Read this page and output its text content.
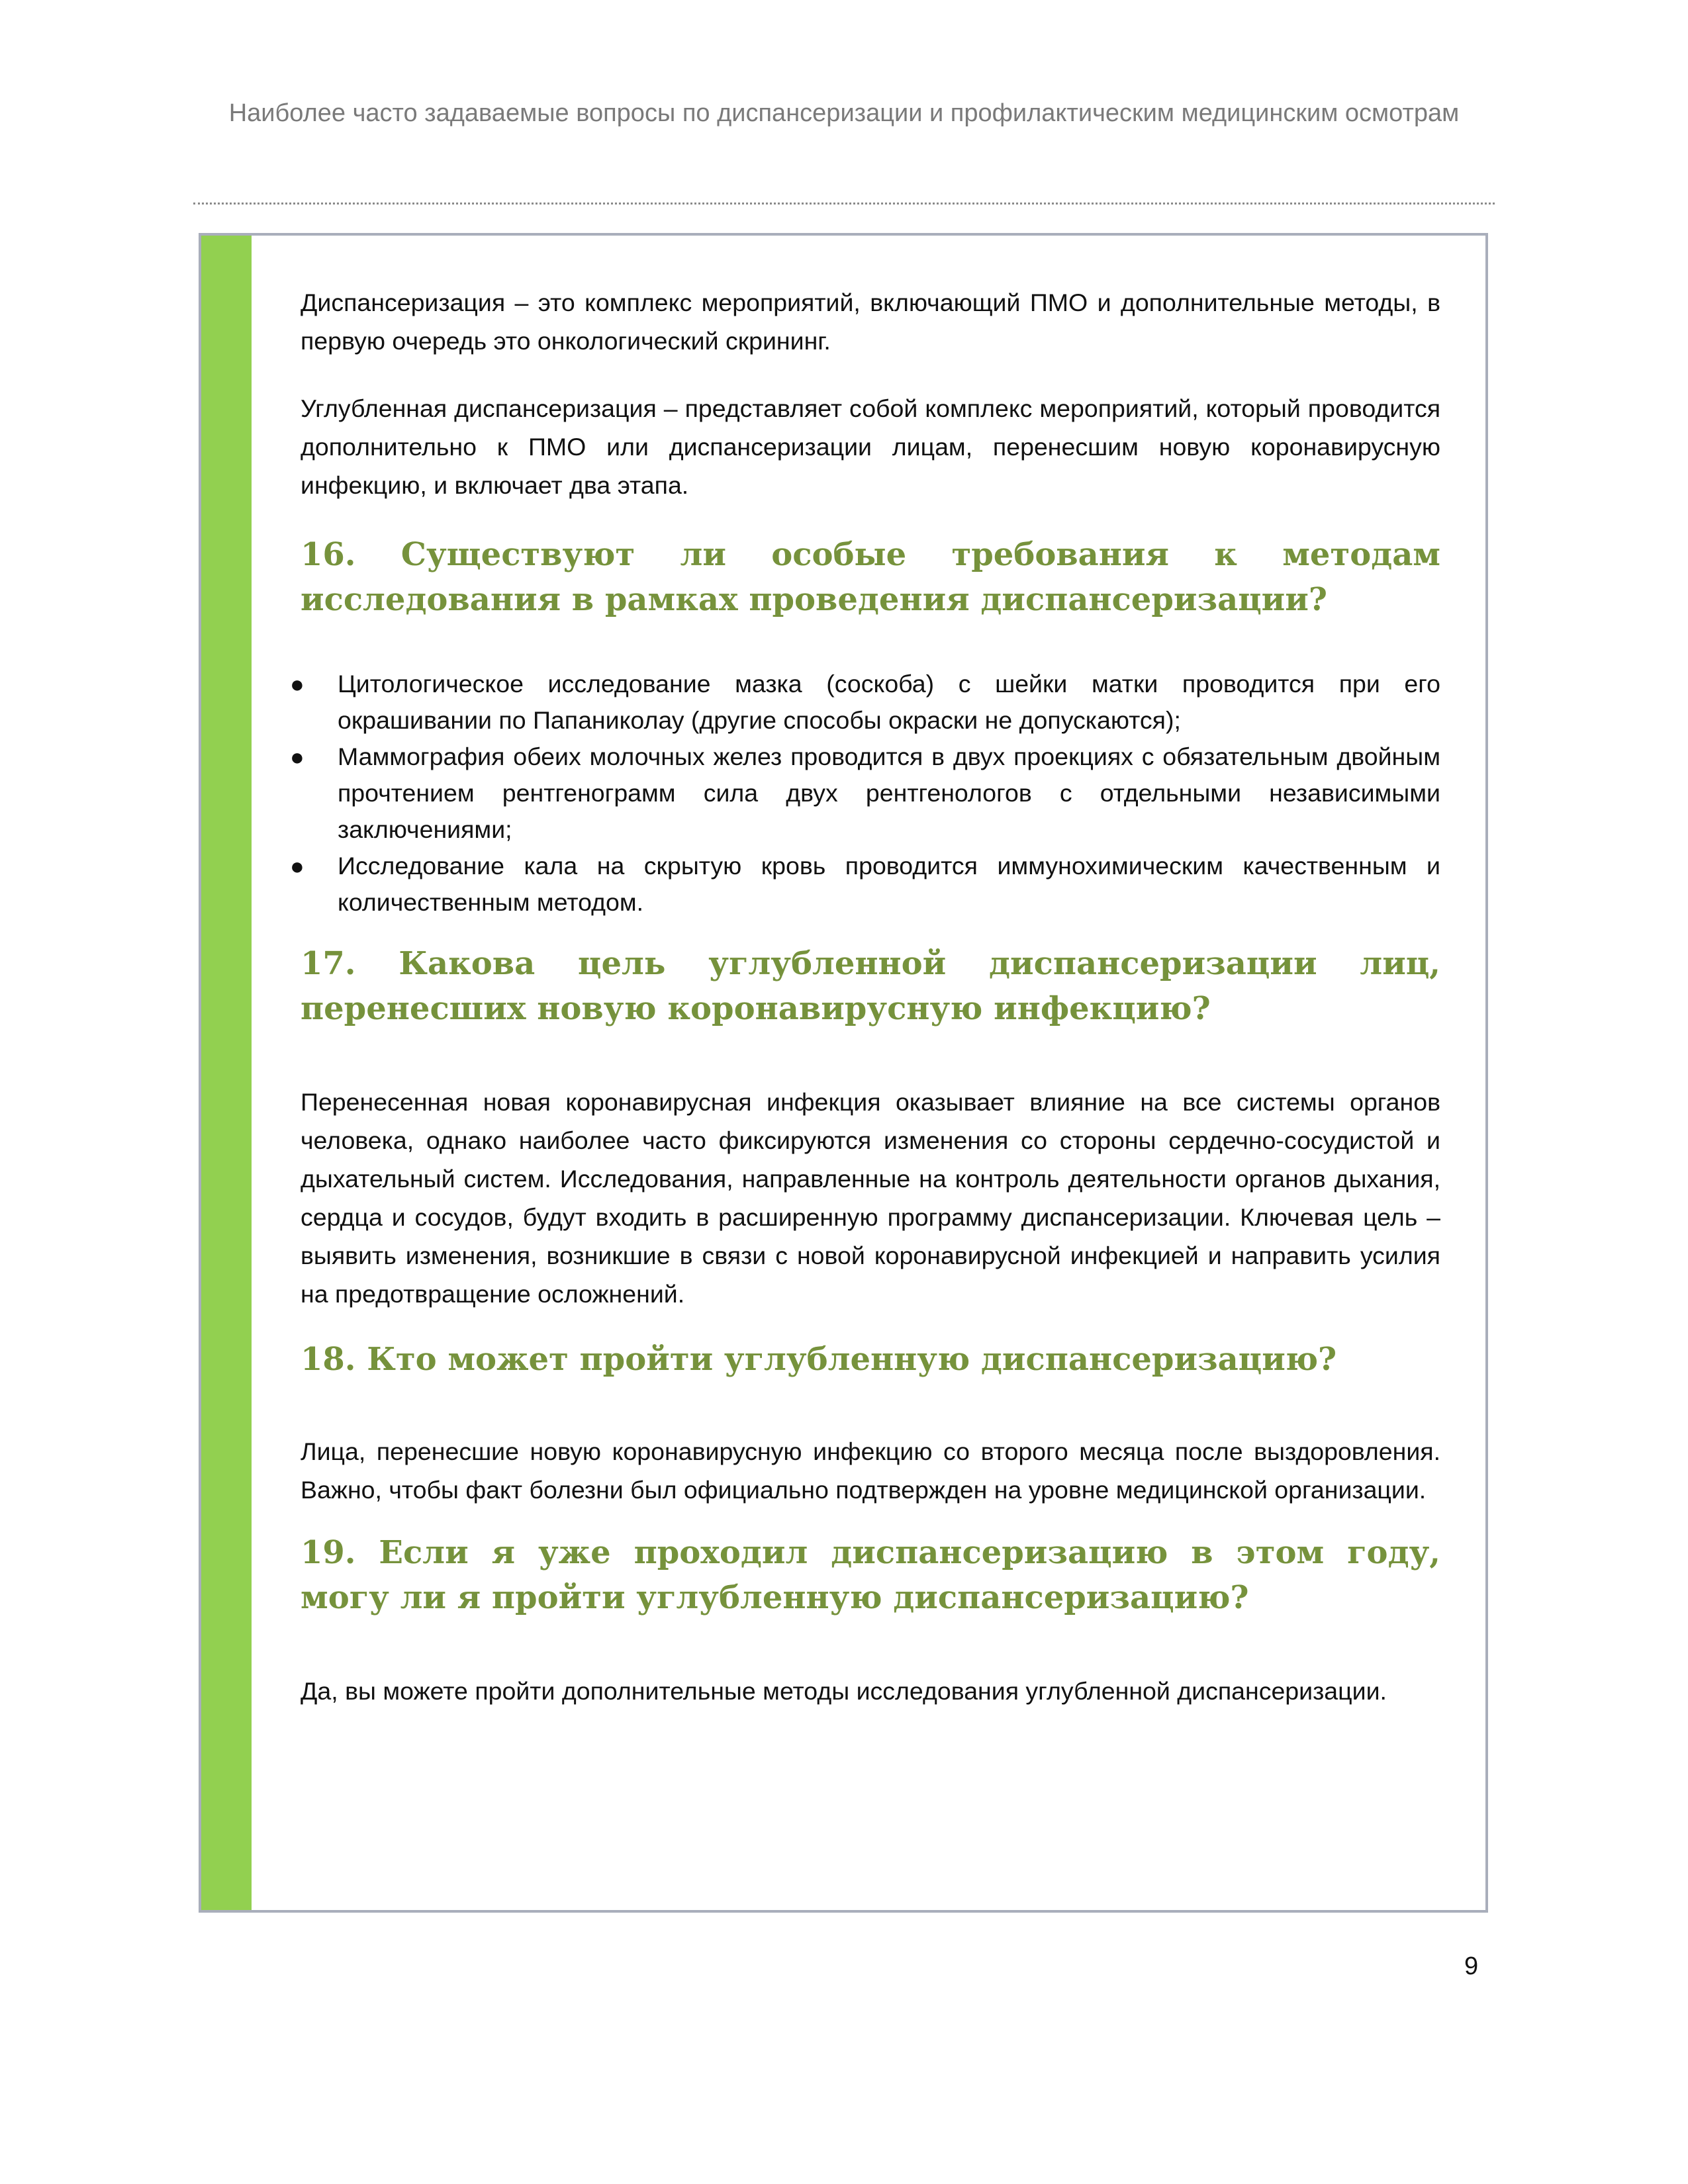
Наиболее часто задаваемые вопросы по диспансеризации и профилактическим медицинским осмотрам

Диспансеризация – это комплекс мероприятий, включающий ПМО и дополнительные методы, в первую очередь это онкологический скрининг.

Углубленная диспансеризация – представляет собой комплекс мероприятий, который проводится дополнительно к ПМО или диспансеризации лицам, перенесшим новую коронавирусную инфекцию, и включает два этапа.

16. Существуют ли особые требования к методам исследования в рамках проведения диспансеризации?
● Цитологическое исследование мазка (соскоба) с шейки матки проводится при его окрашивании по Папаниколау (другие способы окраски не допускаются);
● Маммография обеих молочных желез проводится в двух проекциях с обязательным двойным прочтением рентгенограмм сила двух рентгенологов с отдельными независимыми заключениями;
● Исследование кала на скрытую кровь проводится иммунохимическим качественным и количественным методом.
17. Какова цель углубленной диспансеризации лиц, перенесших новую коронавирусную инфекцию?

Перенесенная новая коронавирусная инфекция оказывает влияние на все системы органов человека, однако наиболее часто фиксируются изменения со стороны сердечно-сосудистой и дыхательный систем. Исследования, направленные на контроль деятельности органов дыхания, сердца и сосудов, будут входить в расширенную программу диспансеризации. Ключевая цель – выявить изменения, возникшие в связи с новой коронавирусной инфекцией и направить усилия на предотвращение осложнений.

18. Кто может пройти углубленную диспансеризацию?

Лица, перенесшие новую коронавирусную инфекцию со второго месяца после выздоровления. Важно, чтобы факт болезни был официально подтвержден на уровне медицинской организации.

19. Если я уже проходил диспансеризацию в этом году, могу ли я пройти углубленную диспансеризацию?

Да, вы можете пройти дополнительные методы исследования углубленной диспансеризации.

9
